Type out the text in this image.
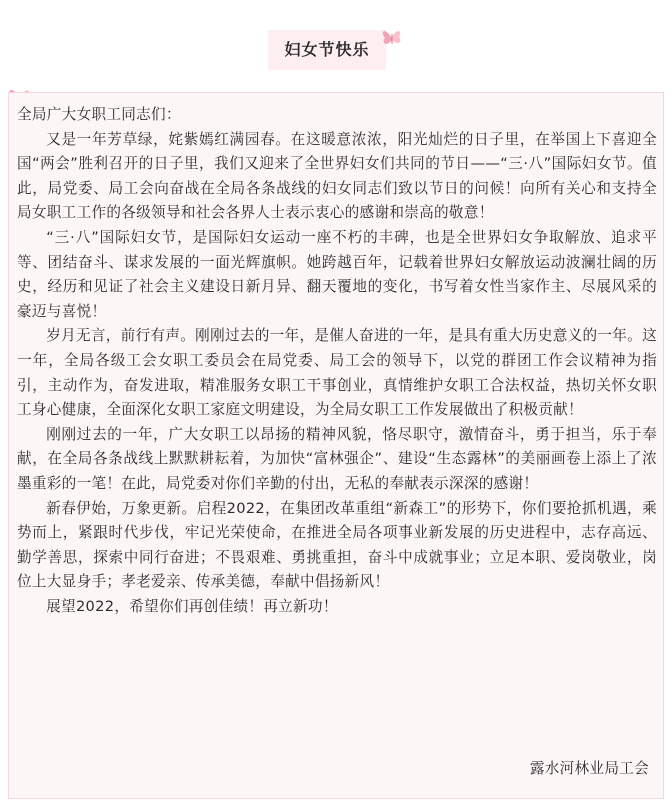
妇女节快乐

全局广大女职工同志们：

又是一年芳草绿，姹紫嫣红满园春。在这暖意浓浓，阳光灿烂的日子里，在举国上下喜迎全国“两会”胜利召开的日子里，我们又迎来了全世界妇女们共同的节日——“三·八”国际妇女节。值此，局党委、局工会向奋战在全局各条战线的妇女同志们致以节日的问候！向所有关心和支持全局女职工工作的各级领导和社会各界人士表示衷心的感谢和崇高的敬意！

“三·八”国际妇女节，是国际妇女运动一座不朽的丰碑，也是全世界妇女争取解放、追求平等、团结奋斗、谋求发展的一面光辉旗帜。她跨越百年，记载着世界妇女解放运动波澜壮阔的历史，经历和见证了社会主义建设日新月异、翻天覆地的变化，书写着女性当家作主、尽展风采的豪迈与喜悦！

岁月无言，前行有声。刚刚过去的一年，是催人奋进的一年，是具有重大历史意义的一年。这一年，全局各级工会女职工委员会在局党委、局工会的领导下，以党的群团工作会议精神为指引，主动作为，奋发进取，精准服务女职工干事创业，真情维护女职工合法权益，热切关怀女职工身心健康，全面深化女职工家庭文明建设，为全局女职工工作发展做出了积极贡献！

刚刚过去的一年，广大女职工以昂扬的精神风貌，恪尽职守，激情奋斗，勇于担当，乐于奉献，在全局各条战线上默默耕耘着，为加快“富林强企”、建设“生态露林”的美丽画卷上添上了浓墨重彩的一笔！在此，局党委对你们辛勤的付出，无私的奉献表示深深的感谢！

新春伊始，万象更新。启程2022，在集团改革重组“新森工”的形势下，你们要抢抓机遇，乘势而上，紧跟时代步伐，牢记光荣使命，在推进全局各项事业新发展的历史进程中，志存高远、勤学善思，探索中同行奋进；不畏艰难、勇挑重担，奋斗中成就事业；立足本职、爱岗敬业，岗位上大显身手；孝老爱亲、传承美德，奉献中倡扬新风！

展望2022，希望你们再创佳绩！再立新功！

露水河林业局工会
